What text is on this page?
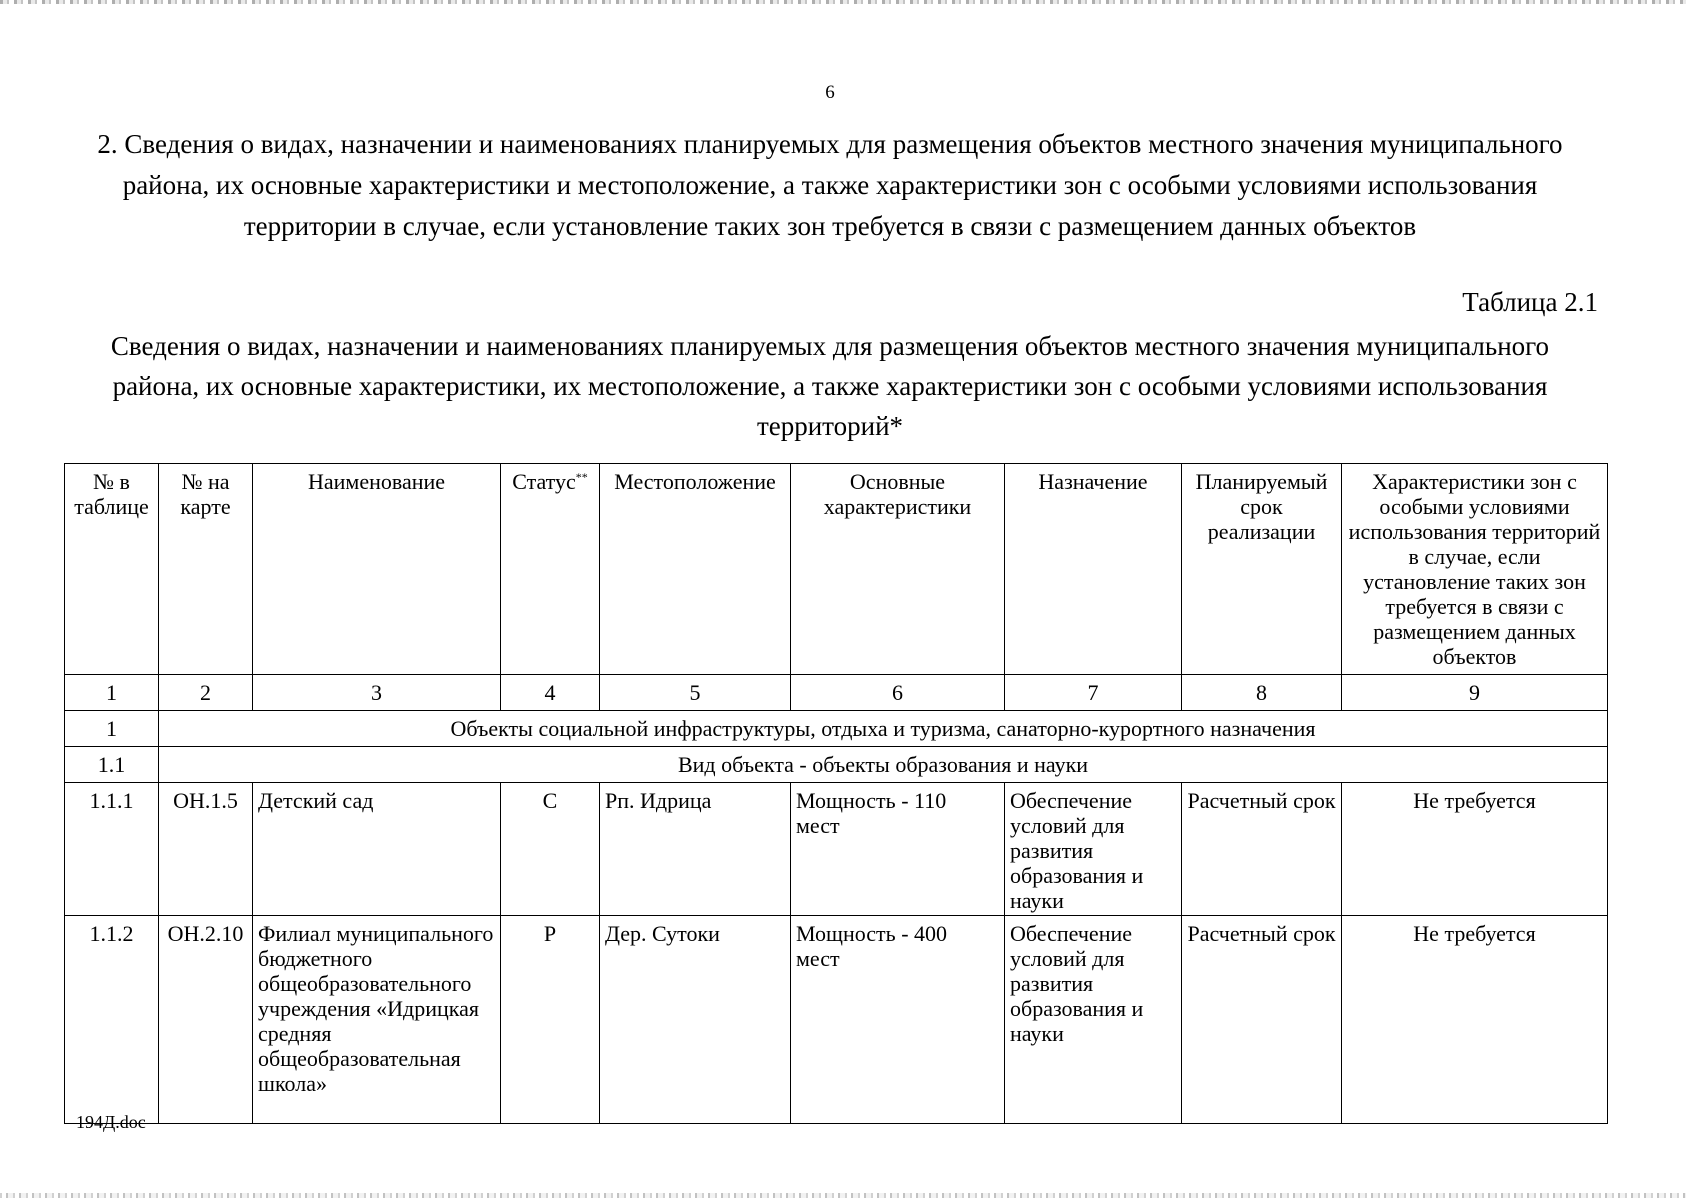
6
2. Сведения о видах, назначении и наименованиях планируемых для размещения объектов местного значения муниципального района, их основные характеристики и местоположение, а также характеристики зон с особыми условиями использования территории в случае, если установление таких зон требуется в связи с размещением данных объектов
Таблица 2.1
Сведения о видах, назначении и наименованиях планируемых для размещения объектов местного значения муниципального района, их основные характеристики, их местоположение, а также характеристики зон с особыми условиями использования территорий*
№ в таблице	№ на карте	Наименование	Статус**	Местоположение	Основные характеристики	Назначение	Планируемый срок реализации	Характеристики зон с особыми условиями использования территорий в случае, если установление таких зон требуется в связи с размещением данных объектов
1	2	3	4	5	6	7	8	9
1	Объекты социальной инфраструктуры, отдыха и туризма, санаторно-курортного назначения							
1.1	Вид объекта - объекты образования и науки							
1.1.1	ОН.1.5	Детский сад	С	Рп. Идрица	Мощность - 110 мест	Обеспечение условий для развития образования и науки	Расчетный срок	Не требуется
1.1.2	ОН.2.10	Филиал муниципального бюджетного общеобразовательного учреждения «Идрицкая средняя общеобразовательная школа»	Р	Дер. Сутоки	Мощность - 400 мест	Обеспечение условий для развития образования и науки	Расчетный срок	Не требуется
194Д.doc
